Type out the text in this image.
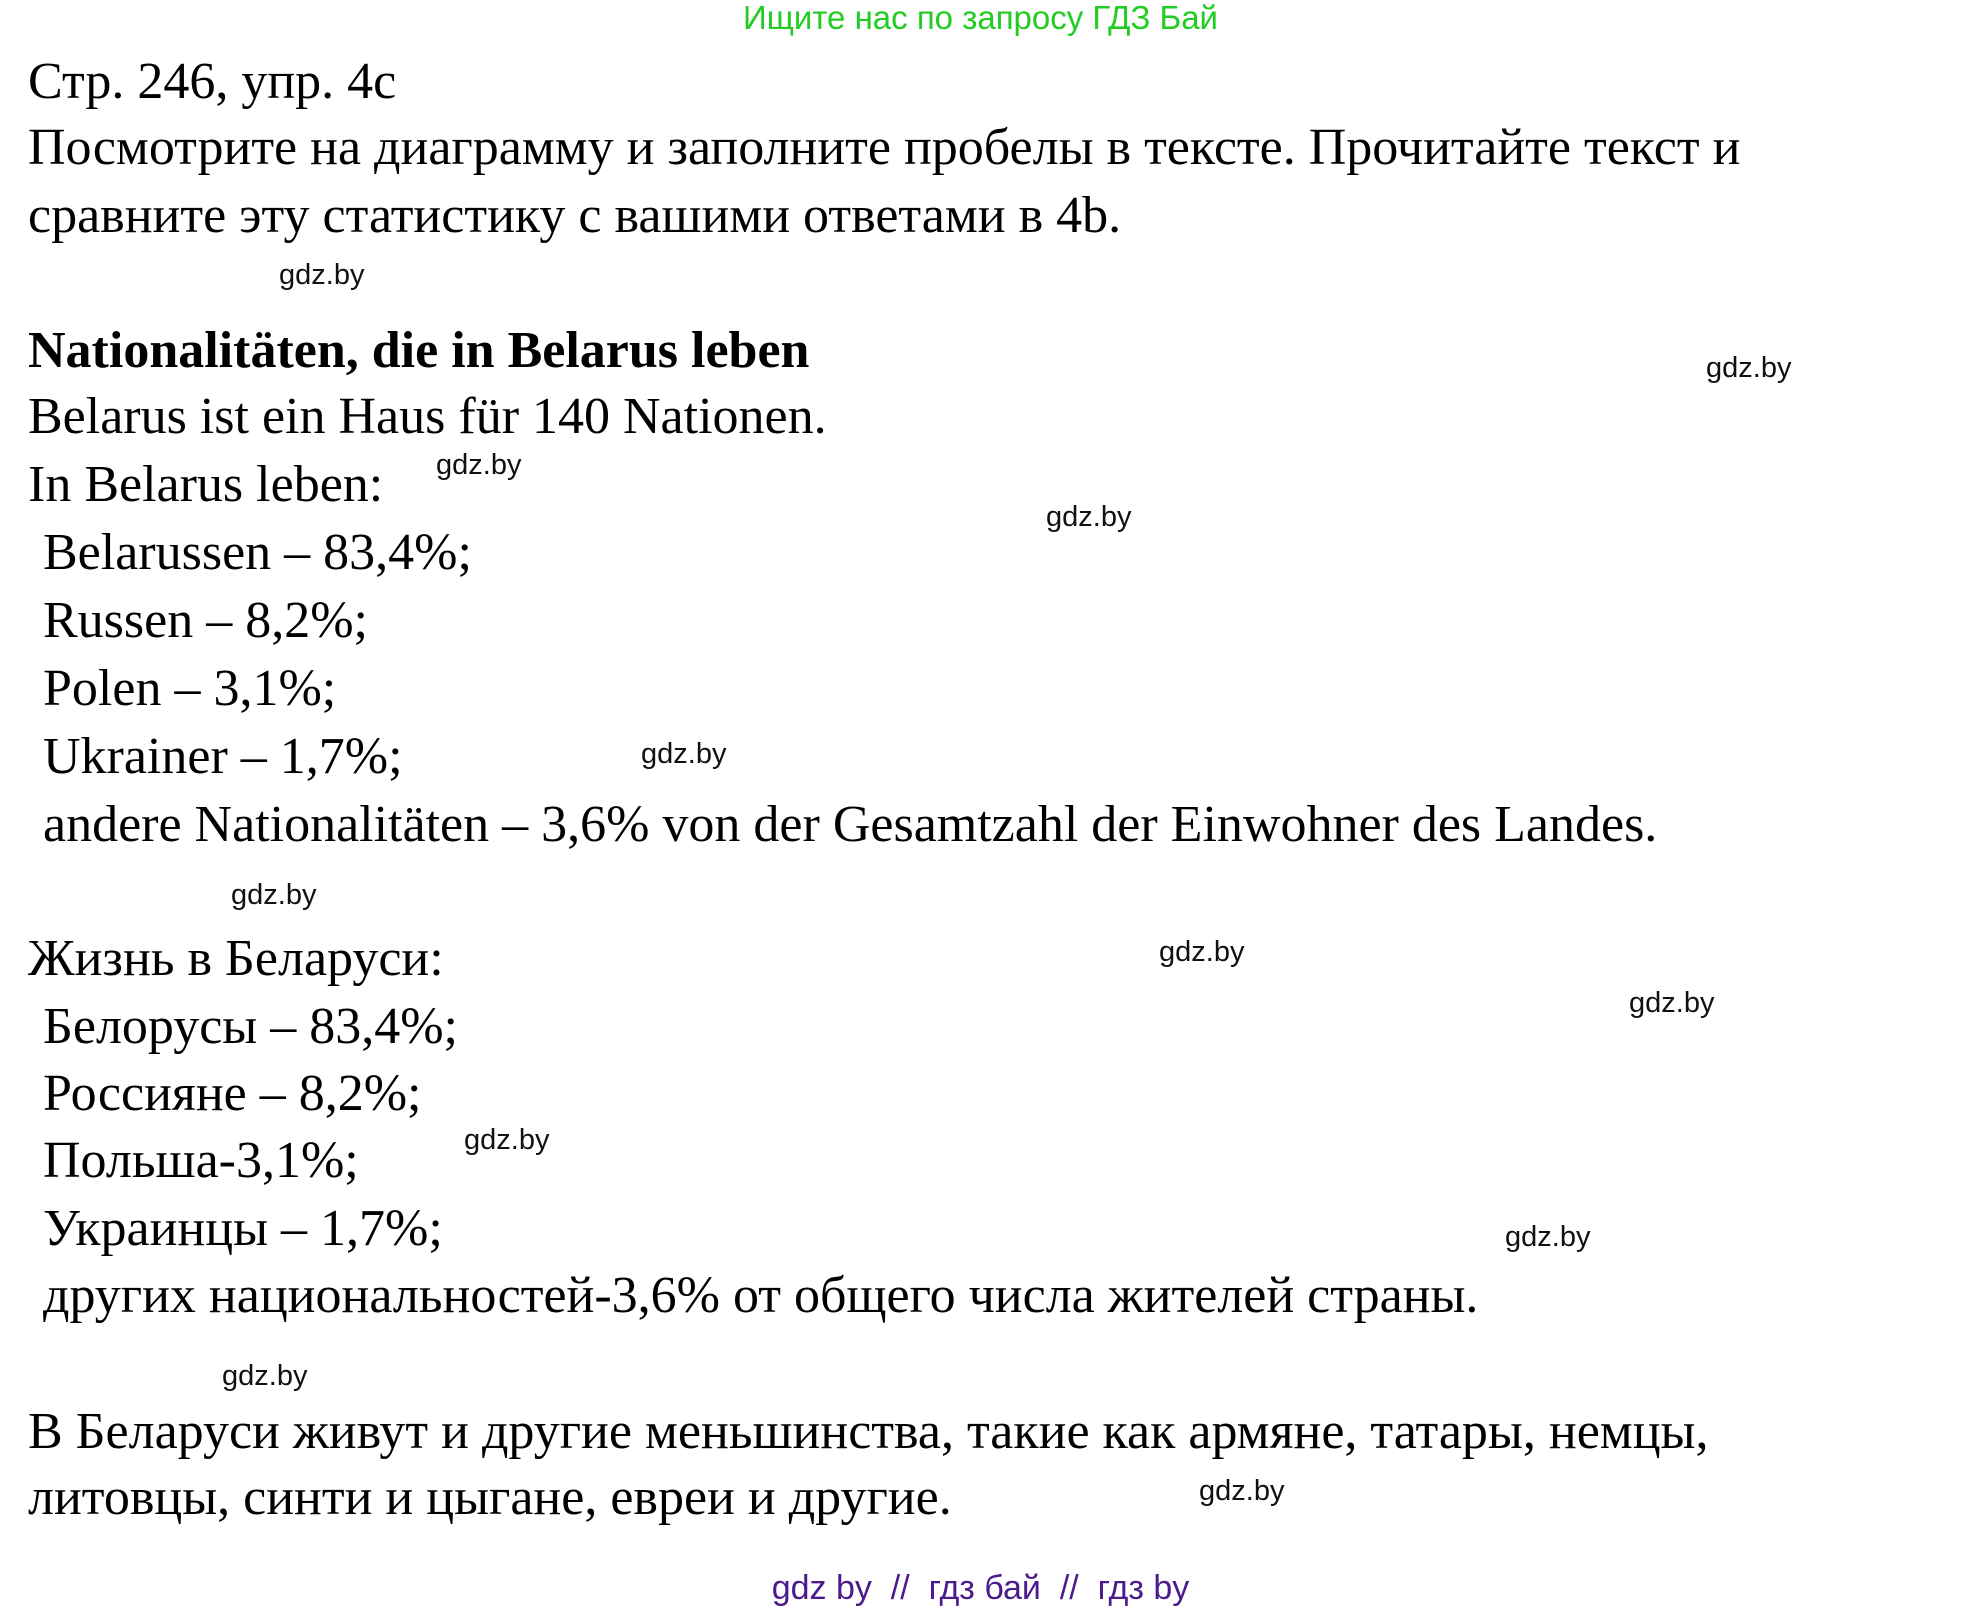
Ищите нас по запросу ГДЗ Бай
Стр. 246, упр. 4c
Посмотрите на диаграмму и заполните пробелы в тексте. Прочитайте текст и
сравните эту статистику с вашими ответами в 4b.
Nationalitäten, die in Belarus leben
Belarus ist ein Haus für 140 Nationen.
In Belarus leben:
Belarussen – 83,4%;
Russen – 8,2%;
Polen – 3,1%;
Ukrainer – 1,7%;
andere Nationalitäten – 3,6% von der Gesamtzahl der Einwohner des Landes.
Жизнь в Беларуси:
Белорусы – 83,4%;
Россияне – 8,2%;
Польша-3,1%;
Украинцы – 1,7%;
других национальностей-3,6% от общего числа жителей страны.
В Беларуси живут и другие меньшинства, такие как армяне, татары, немцы,
литовцы, синти и цыгане, евреи и другие.
gdz.by
gdz.by
gdz.by
gdz.by
gdz.by
gdz.by
gdz.by
gdz.by
gdz.by
gdz.by
gdz.by
gdz.by
gdz by  //  гдз бай  //  гдз by
